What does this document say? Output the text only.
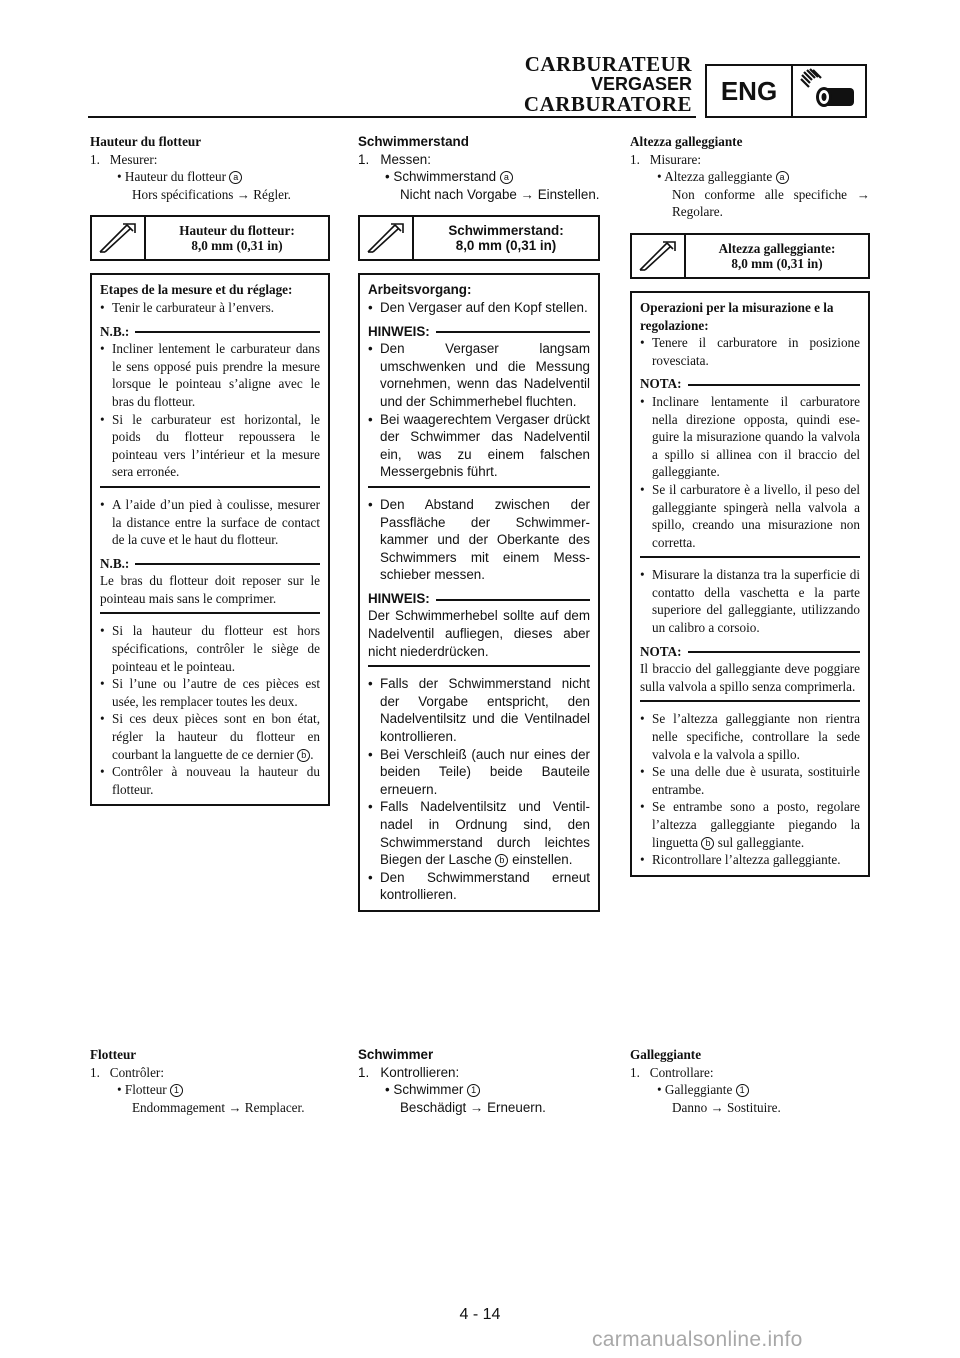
CARBURATEUR
VERGASER
CARBURATORE	ENG
Hauteur du flotteur
1.   Mesurer:
• Hauteur du flotteur a
Hors spécifications → Régler.
Hauteur du flotteur:
8,0 mm (0,31 in)
Etapes de la mesure et du réglage:
• Tenir le carburateur à l’envers.
N.B.:
• Incliner lentement le carburateur dans le sens opposé puis prendre la mesure lorsque le pointeau s’aligne avec le bras du flotteur.
• Si le carburateur est horizontal, le poids du flotteur repoussera le pointeau vers l’intérieur et la mesure sera erronée.
• A l’aide d’un pied à coulisse, mesurer la distance entre la surface de contact de la cuve et le haut du flotteur.
N.B.:
Le bras du flotteur doit reposer sur le pointeau mais sans le comprimer.
• Si la hauteur du flotteur est hors spécifications, contrôler le siège de pointeau et le pointeau.
• Si l’une ou l’autre de ces pièces est usée, les remplacer toutes les deux.
• Si ces deux pièces sont en bon état, régler la hauteur du flotteur en courbant la languette de ce dernier b .
• Contrôler à nouveau la hauteur du flotteur.
Flotteur
1.   Contrôler:
• Flotteur 1
Endommagement → Remplacer.
Schwimmerstand
1.   Messen:
• Schwimmerstand a
Nicht nach Vorgabe → Einstellen.
Schwimmerstand:
8,0 mm (0,31 in)
Arbeitsvorgang:
• Den Vergaser auf den Kopf stellen.
HINWEIS:
• Den Vergaser langsam umschwenken und die Messung vornehmen, wenn das Nadelventil und der Schimmerhebel fluchten.
• Bei waagerechtem Vergaser drückt der Schwimmer das Nadelventil ein, was zu einem falschen Messergebnis führt.
• Den Abstand zwischen der Passfläche der Schwimmerkammer und der Oberkante des Schwimmers mit einem Messschieber messen.
HINWEIS:
Der Schwimmerhebel sollte auf dem Nadelventil aufliegen, dieses aber nicht niederdrücken.
• Falls der Schwimmerstand nicht der Vorgabe entspricht, den Nadelventilsitz und die Ventilnadel kontrollieren.
• Bei Verschleiß (auch nur eines der beiden Teile) beide Bauteile erneuern.
• Falls Nadelventilsitz und Ventilnadel in Ordnung sind, den Schwimmerstand durch leichtes Biegen der Lasche b einstellen.
• Den Schwimmerstand erneut kontrollieren.
Schwimmer
1.   Kontrollieren:
• Schwimmer 1
Beschädigt → Erneuern.
Altezza galleggiante
1.   Misurare:
• Altezza galleggiante a
Non conforme alle specifiche → Regolare.
Altezza galleggiante:
8,0 mm (0,31 in)
Operazioni per la misurazione e la regolazione:
• Tenere il carburatore in posizione rovesciata.
NOTA:
• Inclinare lentamente il carburatore nella direzione opposta, quindi eseguire la misurazione quando la valvola a spillo si allinea con il braccio del galleggiante.
• Se il carburatore è a livello, il peso del galleggiante spingerà nella valvola a spillo, creando una misurazione non corretta.
• Misurare la distanza tra la superficie di contatto della vaschetta e la parte superiore del galleggiante, utilizzando un calibro a corsoio.
NOTA:
Il braccio del galleggiante deve poggiare sulla valvola a spillo senza comprimerla.
• Se l’altezza galleggiante non rientra nelle specifiche, controllare la sede valvola e la valvola a spillo.
• Se una delle due è usurata, sostituirle entrambe.
• Se entrambe sono a posto, regolare l’altezza galleggiante piegando la linguetta b sul galleggiante.
• Ricontrollare l’altezza galleggiante.
Galleggiante
1.   Controllare:
• Galleggiante 1
Danno → Sostituire.
4 - 14
carmanualsonline.info
